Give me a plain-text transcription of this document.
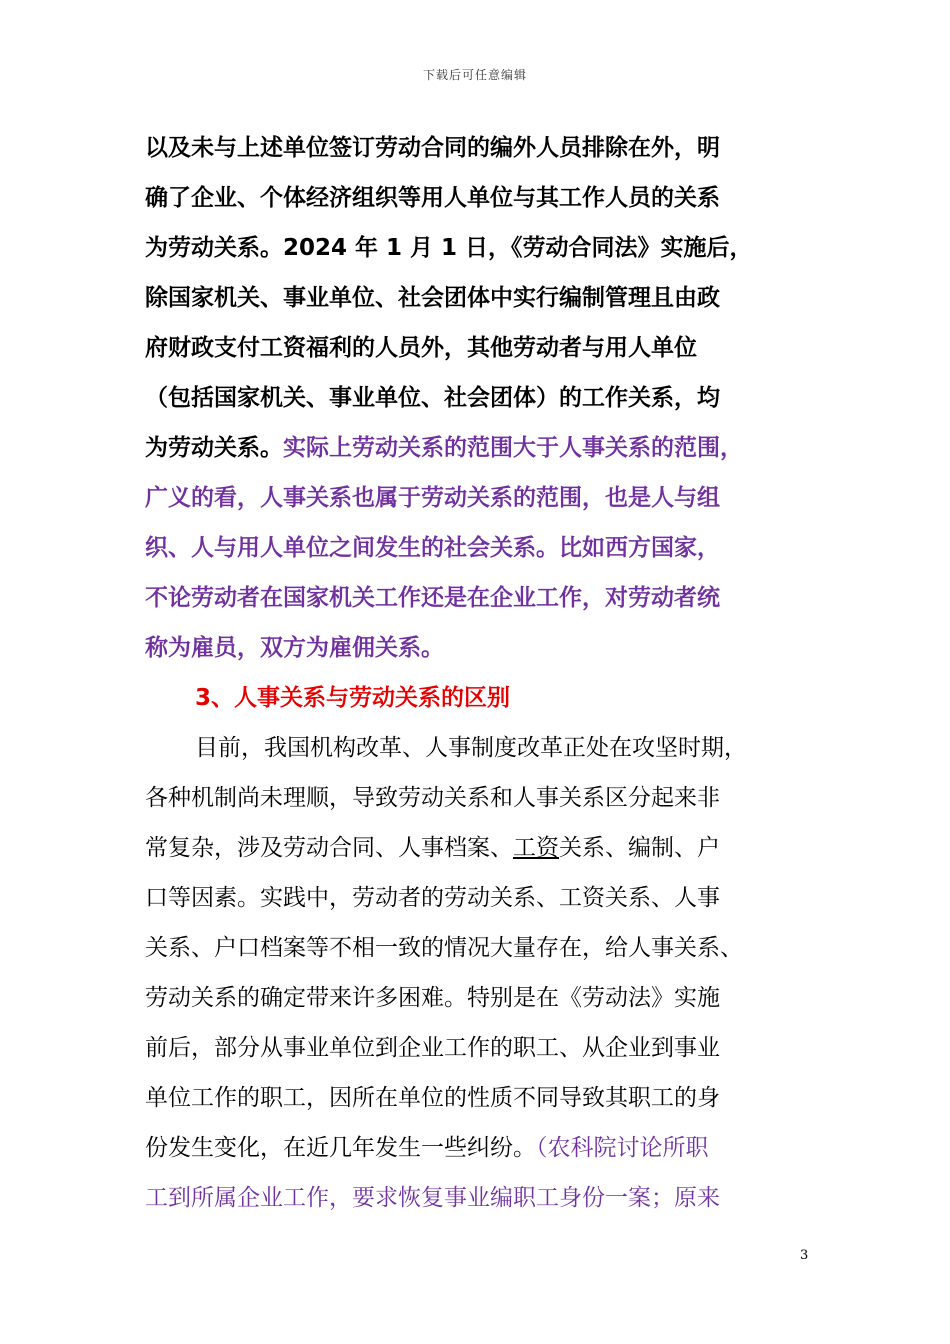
下载后可任意编辑
以及未与上述单位签订劳动合同的编外人员排除在外，明
确了企业、个体经济组织等用人单位与其工作人员的关系
为劳动关系。2024 年 1 月 1 日，《劳动合同法》实施后，
除国家机关、事业单位、社会团体中实行编制管理且由政
府财政支付工资福利的人员外，其他劳动者与用人单位
（包括国家机关、事业单位、社会团体）的工作关系，均
为劳动关系。实际上劳动关系的范围大于人事关系的范围，
广义的看，人事关系也属于劳动关系的范围，也是人与组
织、人与用人单位之间发生的社会关系。比如西方国家，
不论劳动者在国家机关工作还是在企业工作，对劳动者统
称为雇员，双方为雇佣关系。
3、人事关系与劳动关系的区别
目前，我国机构改革、人事制度改革正处在攻坚时期，
各种机制尚未理顺，导致劳动关系和人事关系区分起来非
常复杂，涉及劳动合同、人事档案、工资关系、编制、户
口等因素。实践中，劳动者的劳动关系、工资关系、人事
关系、户口档案等不相一致的情况大量存在，给人事关系、
劳动关系的确定带来许多困难。特别是在《劳动法》实施
前后，部分从事业单位到企业工作的职工、从企业到事业
单位工作的职工，因所在单位的性质不同导致其职工的身
份发生变化，在近几年发生一些纠纷。（农科院讨论所职
工到所属企业工作，要求恢复事业编职工身份一案；原来
3
